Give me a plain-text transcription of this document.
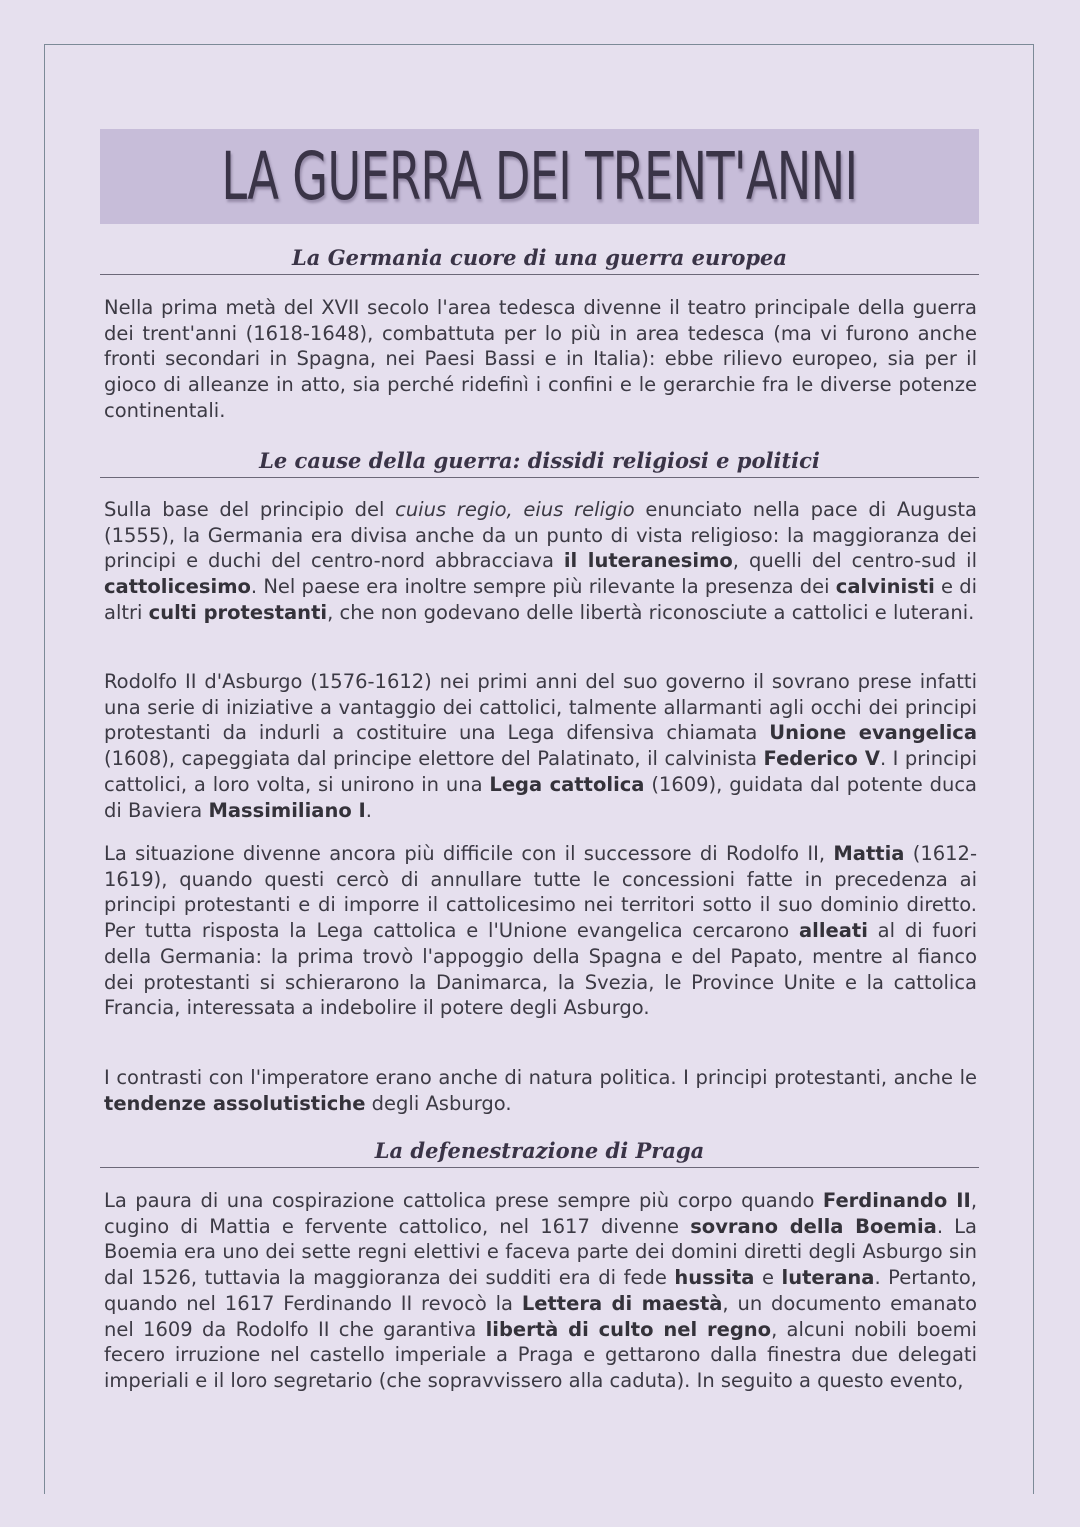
LA GUERRA DEI TRENT'ANNI
La Germania cuore di una guerra europea

Nella prima metà del XVII secolo l'area tedesca divenne il teatro principale della guerra dei trent'anni (1618-1648), combattuta per lo più in area tedesca (ma vi furono anche fronti secondari in Spagna, nei Paesi Bassi e in Italia): ebbe rilievo europeo, sia per il gioco di alleanze in atto, sia perché ridefinì i confini e le gerarchie fra le diverse potenze continentali.

Le cause della guerra: dissidi religiosi e politici

Sulla base del principio del cuius regio, eius religio enunciato nella pace di Augusta (1555), la Germania era divisa anche da un punto di vista religioso: la maggioranza dei principi e duchi del centro-nord abbracciava il luteranesimo, quelli del centro-sud il cattolicesimo. Nel paese era inoltre sempre più rilevante la presenza dei calvinisti e di altri culti protestanti, che non godevano delle libertà riconosciute a cattolici e luterani.

Rodolfo II d'Asburgo (1576-1612) nei primi anni del suo governo il sovrano prese infatti una serie di iniziative a vantaggio dei cattolici, talmente allarmanti agli occhi dei principi protestanti da indurli a costituire una Lega difensiva chiamata Unione evangelica (1608), capeggiata dal principe elettore del Palatinato, il calvinista Federico V. I principi cattolici, a loro volta, si unirono in una Lega cattolica (1609), guidata dal potente duca di Baviera Massimiliano I.

La situazione divenne ancora più difficile con il successore di Rodolfo II, Mattia (1612-1619), quando questi cercò di annullare tutte le concessioni fatte in precedenza ai principi protestanti e di imporre il cattolicesimo nei territori sotto il suo dominio diretto. Per tutta risposta la Lega cattolica e l'Unione evangelica cercarono alleati al di fuori della Germania: la prima trovò l'appoggio della Spagna e del Papato, mentre al fianco dei protestanti si schierarono la Danimarca, la Svezia, le Province Unite e la cattolica Francia, interessata a indebolire il potere degli Asburgo.

I contrasti con l'imperatore erano anche di natura politica. I principi protestanti, anche le tendenze assolutistiche degli Asburgo.

La defenestrazione di Praga

La paura di una cospirazione cattolica prese sempre più corpo quando Ferdinando II, cugino di Mattia e fervente cattolico, nel 1617 divenne sovrano della Boemia. La Boemia era uno dei sette regni elettivi e faceva parte dei domini diretti degli Asburgo sin dal 1526, tuttavia la maggioranza dei sudditi era di fede hussita e luterana. Pertanto, quando nel 1617 Ferdinando II revocò la Lettera di maestà, un documento emanato nel 1609 da Rodolfo II che garantiva libertà di culto nel regno, alcuni nobili boemi fecero irruzione nel castello imperiale a Praga e gettarono dalla finestra due delegati imperiali e il loro segretario (che sopravvissero alla caduta). In seguito a questo evento,
